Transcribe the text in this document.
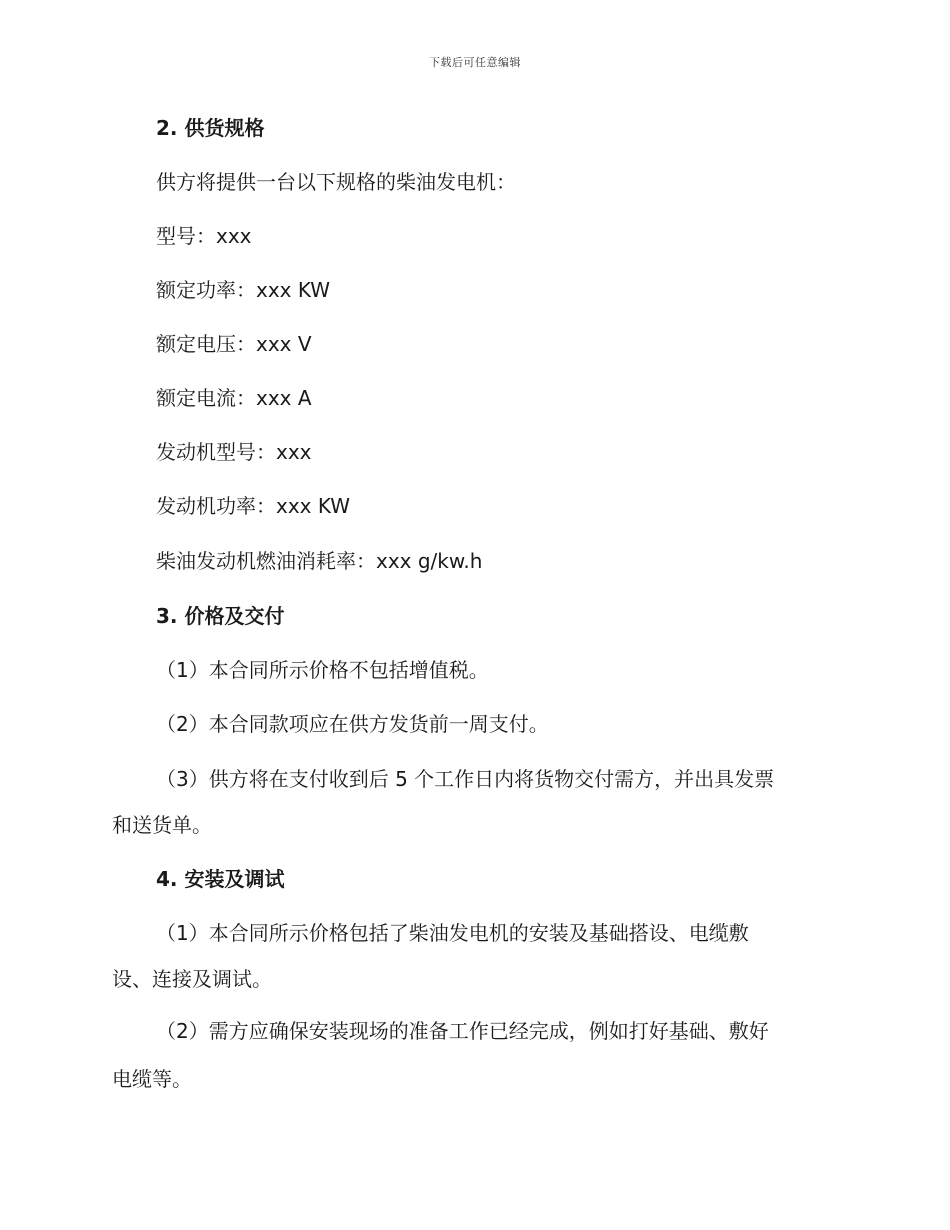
下载后可任意编辑
2. 供货规格
供方将提供一台以下规格的柴油发电机：
型号：xxx
额定功率：xxx KW
额定电压：xxx V
额定电流：xxx A
发动机型号：xxx
发动机功率：xxx KW
柴油发动机燃油消耗率：xxx g/kw.h
3. 价格及交付
（1）本合同所示价格不包括增值税。
（2）本合同款项应在供方发货前一周支付。
（3）供方将在支付收到后 5 个工作日内将货物交付需方，并出具发票
和送货单。
4. 安装及调试
（1）本合同所示价格包括了柴油发电机的安装及基础搭设、电缆敷
设、连接及调试。
（2）需方应确保安装现场的准备工作已经完成，例如打好基础、敷好
电缆等。
